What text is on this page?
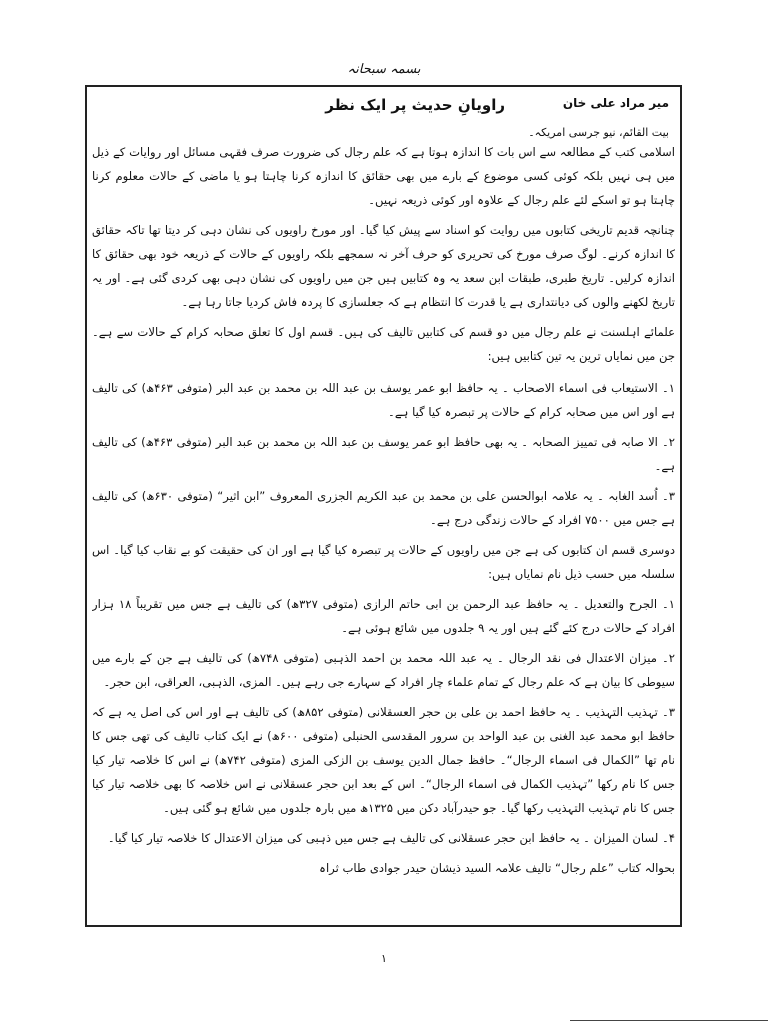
بسمہ سبحانہ
راویانِ حدیث پر ایک نظر	میر مراد علی خان
بیت القائم، نیو جرسی امریکہ۔

اسلامی کتب کے مطالعہ سے اس بات کا اندازہ ہوتا ہے کہ علم رجال کی ضرورت صرف فقہی مسائل اور روایات کے ذیل میں ہی نہیں بلکہ کوئی کسی موضوع کے بارے میں بھی حقائق کا اندازہ کرنا چاہتا ہو یا ماضی کے حالات معلوم کرنا چاہتا ہو تو اسکے لئے علم رجال کے علاوہ اور کوئی ذریعہ نہیں۔

چنانچہ قدیم تاریخی کتابوں میں روایت کو اسناد سے پیش کیا گیا۔ اور مورخ راویوں کی نشان دہی کر دیتا تھا تاکہ حقائق کا اندازہ کرنے۔ لوگ صرف مورخ کی تحریری کو حرف آخر نہ سمجھے بلکہ راویوں کے حالات کے ذریعہ خود بھی حقائق کا اندازہ کرلیں۔ تاریخ طبری، طبقات ابن سعد یہ وہ کتابیں ہیں جن میں راویوں کی نشان دہی بھی کردی گئی ہے۔ اور یہ تاریخ لکھنے والوں کی دیانتداری ہے یا قدرت کا انتظام ہے کہ جعلسازی کا پردہ فاش کردیا جاتا رہا ہے۔

علمائے اہلسنت نے علم رجال میں دو قسم کی کتابیں تالیف کی ہیں۔ قسم اول کا تعلق صحابہ کرام کے حالات سے ہے۔ جن میں نمایاں ترین یہ تین کتابیں ہیں:

۱۔ الاستیعاب فی اسماء الاصحاب ۔ یہ حافظ ابو عمر یوسف بن عبد اللہ بن محمد بن عبد البر (متوفی ۴۶۳ھ) کی تالیف ہے اور اس میں صحابہ کرام کے حالات پر تبصرہ کیا گیا ہے۔

۲۔ الا صابہ فی تمییز الصحابہ ۔ یہ بھی حافظ ابو عمر یوسف بن عبد اللہ بن محمد بن عبد البر (متوفی ۴۶۳ھ) کی تالیف ہے۔

۳۔ اُسد الغابہ ۔ یہ علامہ ابوالحسن علی بن محمد بن عبد الکریم الجزری المعروف ”ابن اثیر“ (متوفی ۶۳۰ھ) کی تالیف ہے جس میں ۷۵۰۰ افراد کے حالات زندگی درج ہے۔

دوسری قسم ان کتابوں کی ہے جن میں راویوں کے حالات پر تبصرہ کیا گیا ہے اور ان کی حقیقت کو بے نقاب کیا گیا۔ اس سلسلہ میں حسب ذیل نام نمایاں ہیں:

۱۔ الجرح والتعدیل ۔ یہ حافظ عبد الرحمن بن ابی حاتم الرازی (متوفی ۳۲۷ھ) کی تالیف ہے جس میں تقریباً ۱۸ ہزار افراد کے حالات درج کئے گئے ہیں اور یہ ۹ جلدوں میں شائع ہوئی ہے۔

۲۔ میزان الاعتدال فی نقد الرجال ۔ یہ عبد اللہ محمد بن احمد الذہبی (متوفی ۷۴۸ھ) کی تالیف ہے جن کے بارے میں سیوطی کا بیان ہے کہ علم رجال کے تمام علماء چار افراد کے سہارے جی رہے ہیں۔ المزی، الذہبی، العراقی، ابن حجر۔

۳۔ تہذیب التہذیب ۔ یہ حافظ احمد بن علی بن حجر العسقلانی (متوفی ۸۵۲ھ) کی تالیف ہے اور اس کی اصل یہ ہے کہ حافظ ابو محمد عبد الغنی بن عبد الواحد بن سرور المقدسی الحنبلی (متوفی ۶۰۰ھ) نے ایک کتاب تالیف کی تھی جس کا نام تھا ”الکمال فی اسماء الرجال“۔ حافظ جمال الدین یوسف بن الزکی المزی (متوفی ۷۴۲ھ) نے اس کا خلاصہ تیار کیا جس کا نام رکھا ”تہذیب الکمال فی اسماء الرجال“۔ اس کے بعد ابن حجر عسقلانی نے اس خلاصہ کا بھی خلاصہ تیار کیا جس کا نام تہذیب التہذیب رکھا گیا۔ جو حیدرآباد دکن میں ۱۳۲۵ھ میں بارہ جلدوں میں شائع ہو گئی ہیں۔

۴۔ لسان المیزان ۔ یہ حافظ ابن حجر عسقلانی کی تالیف ہے جس میں ذہبی کی میزان الاعتدال کا خلاصہ تیار کیا گیا۔

بحوالہ کتاب ”علم رجال“ تالیف علامہ السید ذیشان حیدر جوادی طاب ثراہ

۱
